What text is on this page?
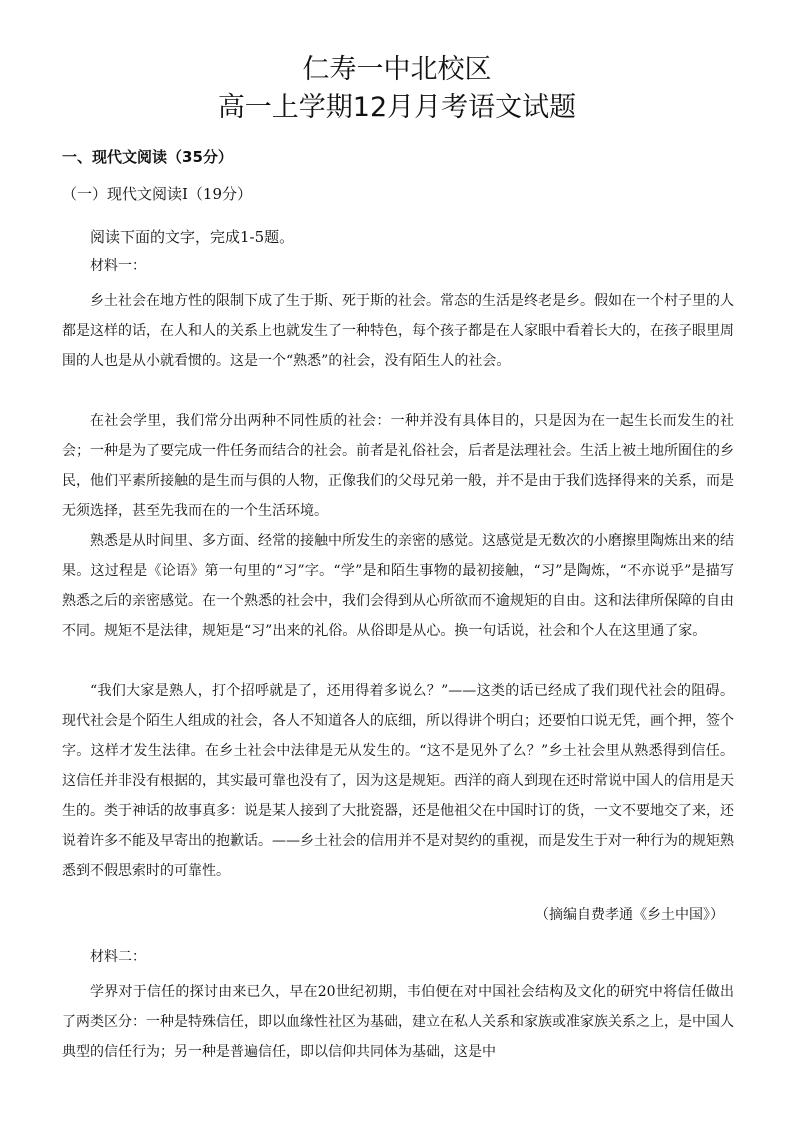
仁寿一中北校区
高一上学期12月月考语文试题
一、现代文阅读（35分）
（一）现代文阅读Ⅰ（19分）
阅读下面的文字，完成1-5题。
材料一：

乡土社会在地方性的限制下成了生于斯、死于斯的社会。常态的生活是终老是乡。假如在一个村子里的人都是这样的话，在人和人的关系上也就发生了一种特色，每个孩子都是在人家眼中看着长大的，在孩子眼里周围的人也是从小就看惯的。这是一个“熟悉”的社会，没有陌生人的社会。

在社会学里，我们常分出两种不同性质的社会：一种并没有具体目的，只是因为在一起生长而发生的社会；一种是为了要完成一件任务而结合的社会。前者是礼俗社会，后者是法理社会。生活上被土地所囿住的乡民，他们平素所接触的是生而与俱的人物，正像我们的父母兄弟一般，并不是由于我们选择得来的关系，而是无须选择，甚至先我而在的一个生活环境。

熟悉是从时间里、多方面、经常的接触中所发生的亲密的感觉。这感觉是无数次的小磨擦里陶炼出来的结果。这过程是《论语》第一句里的“习”字。“学”是和陌生事物的最初接触，“习”是陶炼，“不亦说乎”是描写熟悉之后的亲密感觉。在一个熟悉的社会中，我们会得到从心所欲而不逾规矩的自由。这和法律所保障的自由不同。规矩不是法律，规矩是“习”出来的礼俗。从俗即是从心。换一句话说，社会和个人在这里通了家。

“我们大家是熟人，打个招呼就是了，还用得着多说么？”——这类的话已经成了我们现代社会的阻碍。现代社会是个陌生人组成的社会，各人不知道各人的底细，所以得讲个明白；还要怕口说无凭，画个押，签个字。这样才发生法律。在乡土社会中法律是无从发生的。“这不是见外了么？”乡土社会里从熟悉得到信任。这信任并非没有根据的，其实最可靠也没有了，因为这是规矩。西洋的商人到现在还时常说中国人的信用是天生的。类于神话的故事真多：说是某人接到了大批瓷器，还是他祖父在中国时订的货，一文不要地交了来，还说着许多不能及早寄出的抱歉话。——乡土社会的信用并不是对契约的重视，而是发生于对一种行为的规矩熟悉到不假思索时的可靠性。

（摘编自费孝通《乡土中国》）
材料二：

学界对于信任的探讨由来已久，早在20世纪初期，韦伯便在对中国社会结构及文化的研究中将信任做出了两类区分：一种是特殊信任，即以血缘性社区为基础，建立在私人关系和家族或准家族关系之上，是中国人典型的信任行为；另一种是普遍信任，即以信仰共同体为基础，这是中
